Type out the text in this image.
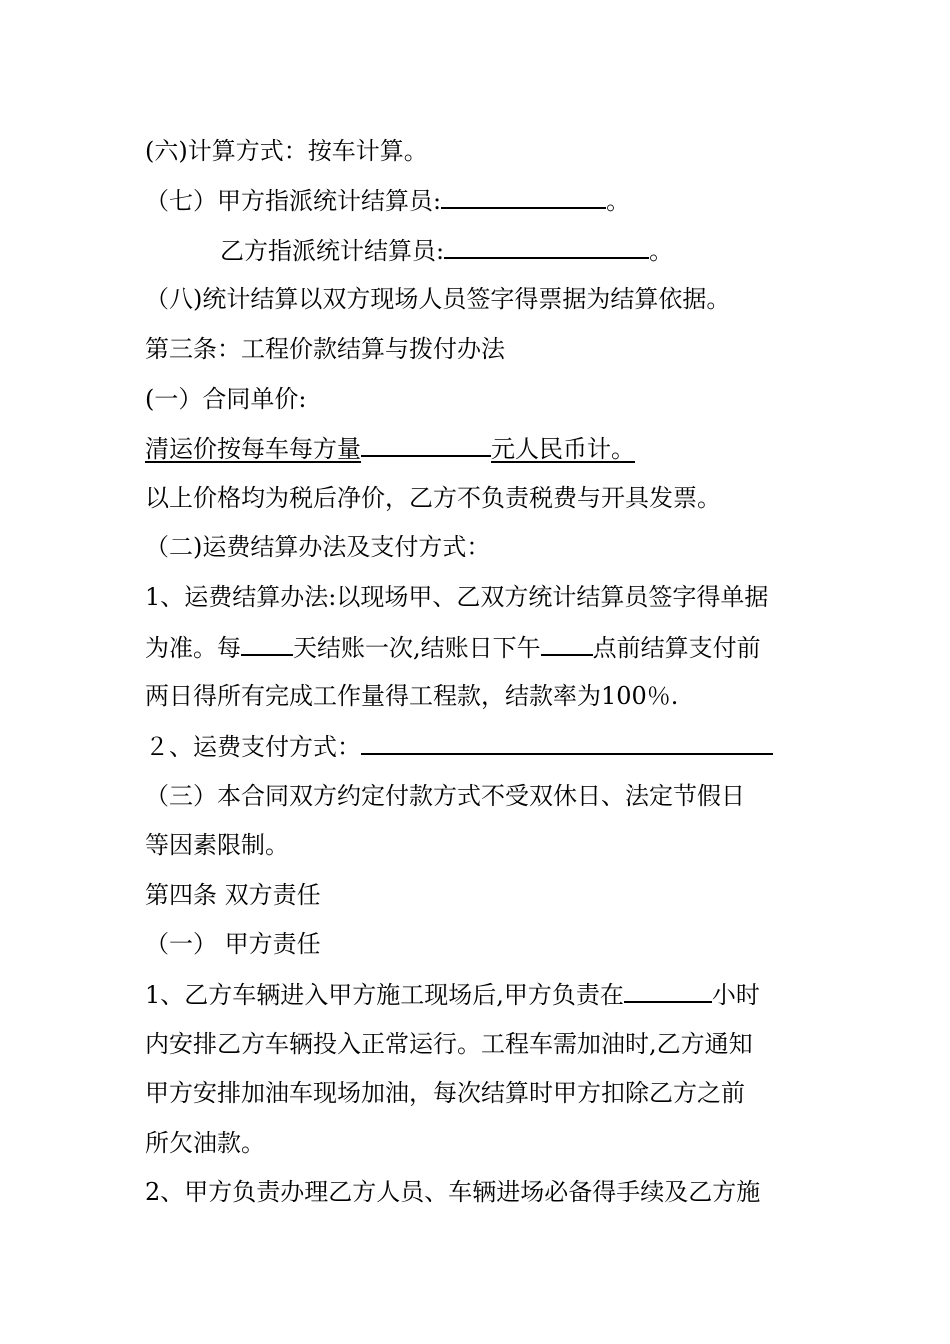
(六)计算方式：按车计算。
（七）甲方指派统计结算员:	。
乙方指派统计结算员:	。
（八)统计结算以双方现场人员签字得票据为结算依据。
第三条：工程价款结算与拨付办法
(一）合同单价:
清运价按每车每方量	元人民币计。
以上价格均为税后净价，乙方不负责税费与开具发票。
（二)运费结算办法及支付方式：
1、运费结算办法:以现场甲、乙双方统计结算员签字得单据
为准。每 天结账一次,结账日下午 点前结算支付前
两日得所有完成工作量得工程款，结款率为100％.
２、运费支付方式：
（三）本合同双方约定付款方式不受双休日、法定节假日
等因素限制。
第四条 双方责任
（一） 甲方责任
1、乙方车辆进入甲方施工现场后,甲方负责在	小时
内安排乙方车辆投入正常运行。工程车需加油时,乙方通知
甲方安排加油车现场加油，每次结算时甲方扣除乙方之前
所欠油款。
2、甲方负责办理乙方人员、车辆进场必备得手续及乙方施
